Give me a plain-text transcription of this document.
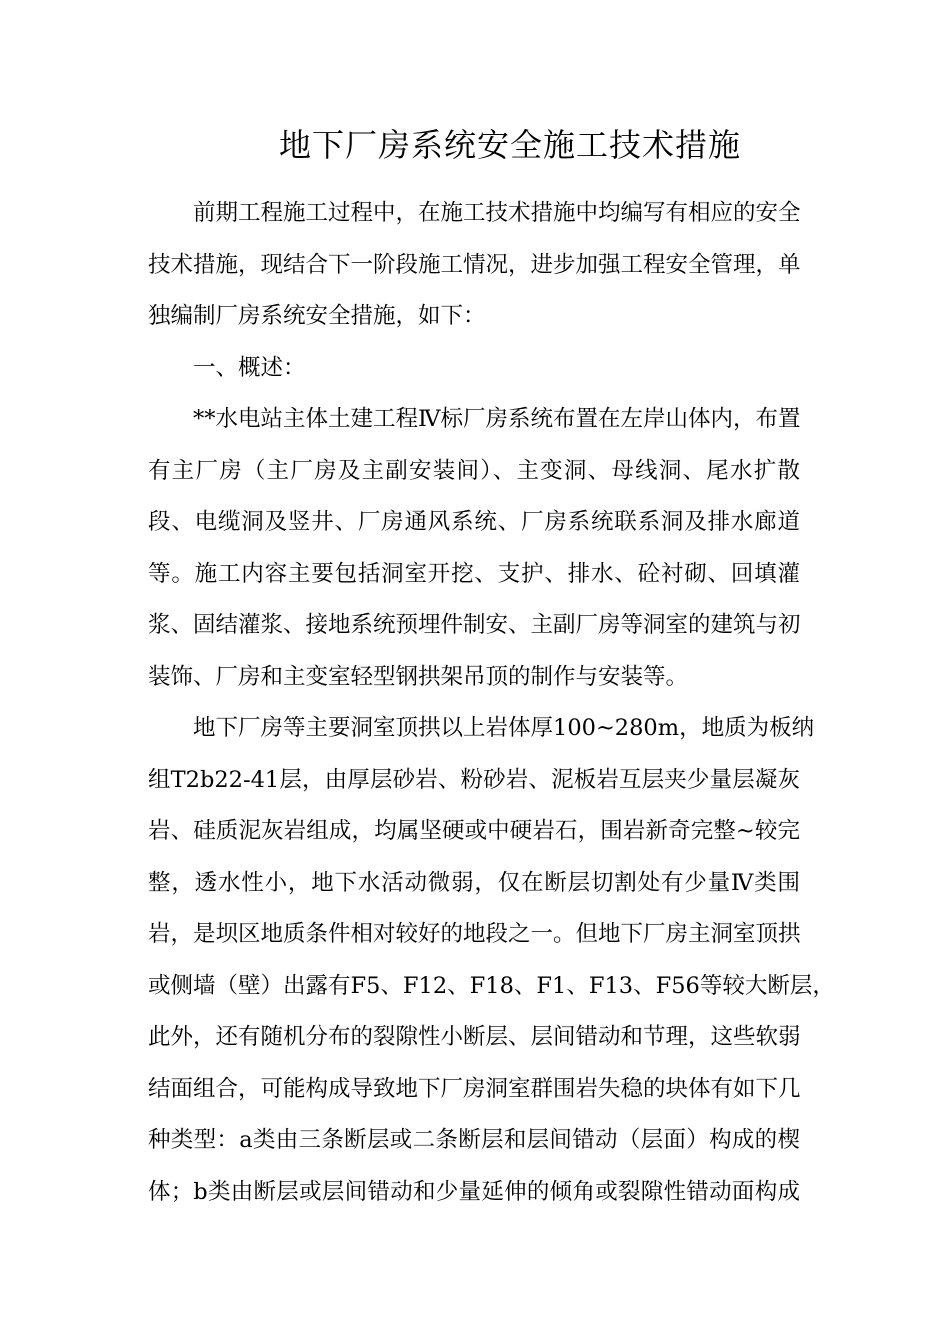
地下厂房系统安全施工技术措施
前期工程施工过程中，在施工技术措施中均编写有相应的安全
技术措施，现结合下一阶段施工情况，进步加强工程安全管理，单
独编制厂房系统安全措施，如下：
一、概述：
**水电站主体土建工程Ⅳ标厂房系统布置在左岸山体内，布置
有主厂房（主厂房及主副安装间）、主变洞、母线洞、尾水扩散
段、电缆洞及竖井、厂房通风系统、厂房系统联系洞及排水廊道
等。施工内容主要包括洞室开挖、支护、排水、砼衬砌、回填灌
浆、固结灌浆、接地系统预埋件制安、主副厂房等洞室的建筑与初
装饰、厂房和主变室轻型钢拱架吊顶的制作与安装等。
地下厂房等主要洞室顶拱以上岩体厚100~280m，地质为板纳
组T2b22-41层，由厚层砂岩、粉砂岩、泥板岩互层夹少量层凝灰
岩、硅质泥灰岩组成，均属坚硬或中硬岩石，围岩新奇完整~较完
整，透水性小，地下水活动微弱，仅在断层切割处有少量Ⅳ类围
岩，是坝区地质条件相对较好的地段之一。但地下厂房主洞室顶拱
或侧墙（壁）出露有F5、F12、F18、F1、F13、F56等较大断层，
此外，还有随机分布的裂隙性小断层、层间错动和节理，这些软弱
结面组合，可能构成导致地下厂房洞室群围岩失稳的块体有如下几
种类型：a类由三条断层或二条断层和层间错动（层面）构成的楔
体；b类由断层或层间错动和少量延伸的倾角或裂隙性错动面构成
